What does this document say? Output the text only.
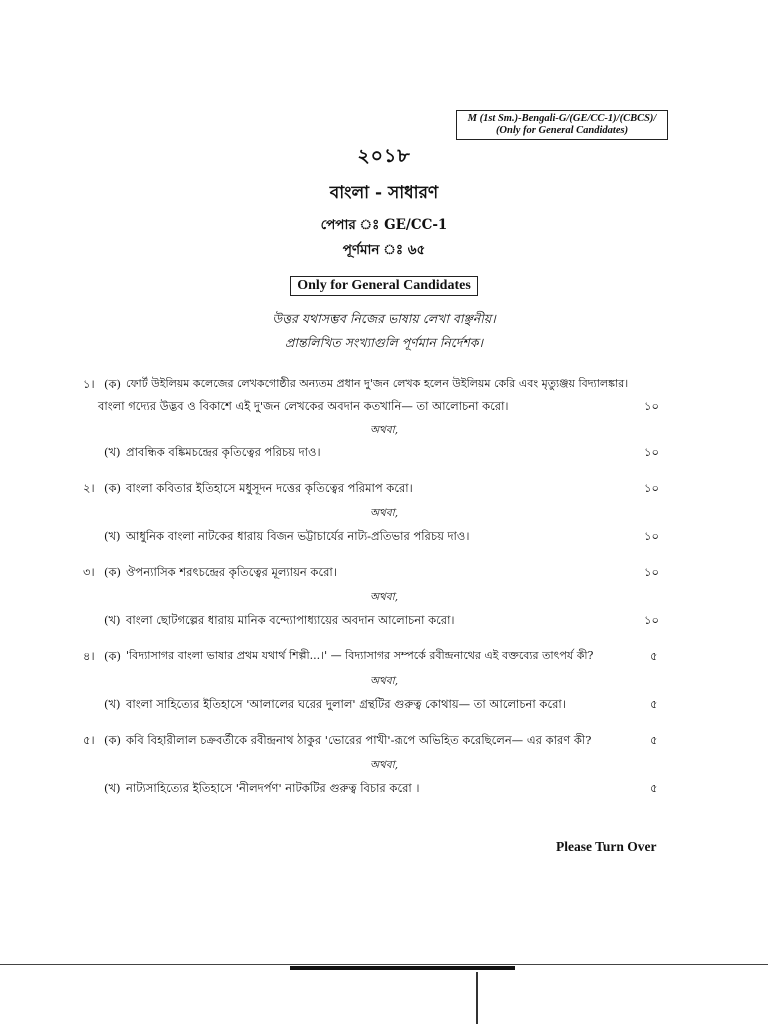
M (1st Sm.)-Bengali-G/(GE/CC-1)/(CBCS)/
(Only for General Candidates)
২০১৮
বাংলা - সাধারণ
পেপার ঃ GE/CC-1
পূর্ণমান ঃ ৬৫
Only for General Candidates
উত্তর যথাসম্ভব নিজের ভাষায় লেখা বাঞ্ছনীয়।
প্রান্তলিখিত সংখ্যাগুলি পূর্ণমান নির্দেশক।
১। (ক) ফোর্ট উইলিয়ম কলেজের লেখকগোষ্ঠীর অন্যতম প্রধান দু'জন লেখক হলেন উইলিয়ম কেরি এবং মৃত্যুঞ্জয় বিদ্যালঙ্কার।
বাংলা গদ্যের উদ্ভব ও বিকাশে এই দু'জন লেখকের অবদান কতখানি— তা আলোচনা করো।	১০
অথবা,
(খ) প্রাবন্ধিক বঙ্কিমচন্দ্রের কৃতিত্বের পরিচয় দাও।	১০
২। (ক) বাংলা কবিতার ইতিহাসে মধুসূদন দত্তের কৃতিত্বের পরিমাপ করো।	১০
অথবা,
(খ) আধুনিক বাংলা নাটকের ধারায় বিজন ভট্টাচার্যের নাট্য-প্রতিভার পরিচয় দাও।	১০
৩। (ক) ঔপন্যাসিক শরৎচন্দ্রের কৃতিত্বের মূল্যায়ন করো।	১০
অথবা,
(খ) বাংলা ছোটগল্পের ধারায় মানিক বন্দ্যোপাধ্যায়ের অবদান আলোচনা করো।	১০
৪। (ক) 'বিদ্যাসাগর বাংলা ভাষার প্রথম যথার্থ শিল্পী...।' — বিদ্যাসাগর সম্পর্কে রবীন্দ্রনাথের এই বক্তব্যের তাৎপর্য কী?	৫
অথবা,
(খ) বাংলা সাহিত্যের ইতিহাসে 'আলালের ঘরের দুলাল' গ্রন্থটির গুরুত্ব কোথায়— তা আলোচনা করো।	৫
৫। (ক) কবি বিহারীলাল চক্রবর্তীকে রবীন্দ্রনাথ ঠাকুর 'ভোরের পাখী'-রূপে অভিহিত করেছিলেন— এর কারণ কী?	৫
অথবা,
(খ) নাট্যসাহিত্যের ইতিহাসে 'নীলদর্পণ' নাটকটির গুরুত্ব বিচার করো ।	৫
Please Turn Over
